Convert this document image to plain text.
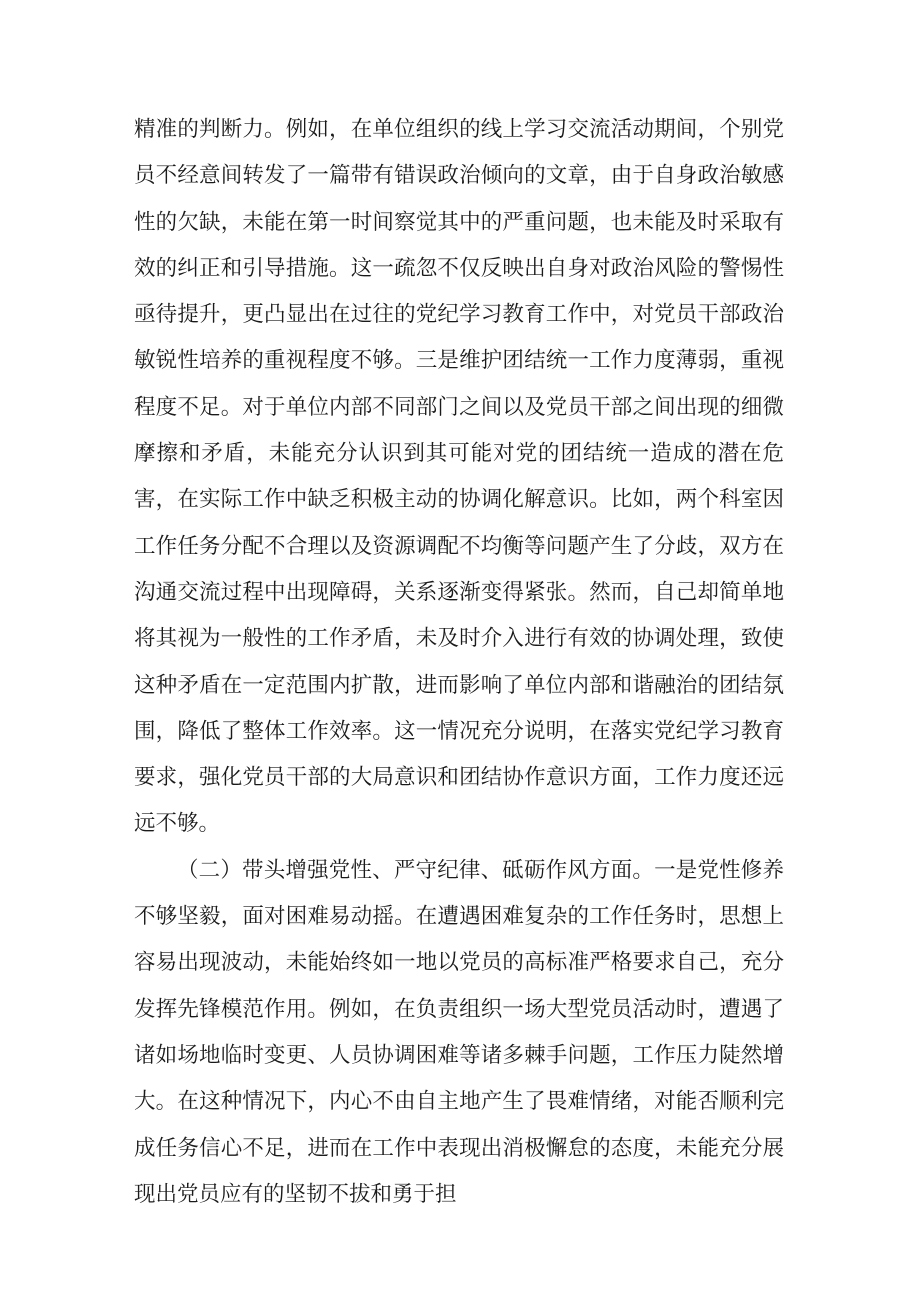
精准的判断力。例如，在单位组织的线上学习交流活动期间，个别党员不经意间转发了一篇带有错误政治倾向的文章，由于自身政治敏感性的欠缺，未能在第一时间察觉其中的严重问题，也未能及时采取有效的纠正和引导措施。这一疏忽不仅反映出自身对政治风险的警惕性亟待提升，更凸显出在过往的党纪学习教育工作中，对党员干部政治敏锐性培养的重视程度不够。三是维护团结统一工作力度薄弱，重视程度不足。对于单位内部不同部门之间以及党员干部之间出现的细微摩擦和矛盾，未能充分认识到其可能对党的团结统一造成的潜在危害，在实际工作中缺乏积极主动的协调化解意识。比如，两个科室因工作任务分配不合理以及资源调配不均衡等问题产生了分歧，双方在沟通交流过程中出现障碍，关系逐渐变得紧张。然而，自己却简单地将其视为一般性的工作矛盾，未及时介入进行有效的协调处理，致使这种矛盾在一定范围内扩散，进而影响了单位内部和谐融治的团结氛围，降低了整体工作效率。这一情况充分说明，在落实党纪学习教育要求，强化党员干部的大局意识和团结协作意识方面，工作力度还远远不够。

（二）带头增强党性、严守纪律、砥砺作风方面。一是党性修养不够坚毅，面对困难易动摇。在遭遇困难复杂的工作任务时，思想上容易出现波动，未能始终如一地以党员的高标准严格要求自己，充分发挥先锋模范作用。例如，在负责组织一场大型党员活动时，遭遇了诸如场地临时变更、人员协调困难等诸多棘手问题，工作压力陡然增大。在这种情况下，内心不由自主地产生了畏难情绪，对能否顺利完成任务信心不足，进而在工作中表现出消极懈怠的态度，未能充分展现出党员应有的坚韧不拔和勇于担
